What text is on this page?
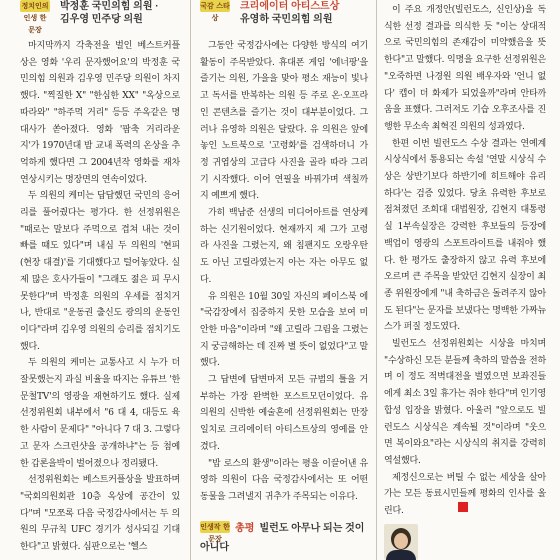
정치인의 인생 한 문장
박정훈 국민의힘 의원 ·
김우영 민주당 의원

마지막까지 각축전을 벌인 베스트커플상은 영화 '우리 문자했어요'의 박정훈 국민의힘 의원과 김우영 민주당 의원이 차지했다. "찍질한 X" "한심한 XX" "옥상으로 따라와" "하주먹 거리" 등등 주옥같은 명대사가 쏟아졌다. 영화 '팝축 거리라운지'가 1970년대 밤 교내 폭력의 온상을 추억하게 했다면 그 2004년작 영화를 재차 연상시키는 명장면의 연속이었다.

두 의원의 케미는 답답했던 국민의 응어리를 풀어줬다는 평가다. 한 선정위원은 "때로는 말보다 주먹으로 겹쳐 내는 것이 빠를 때도 있다"며 내심 두 의원의 '현피(현장 대결)'를 기대했다고 털어놓았다. 실제 많은 호사가들이 "그래도 젊은 피 무시 못한다"며 박정훈 의원의 우세를 점치거나, 반대로 "운동권 출신도 광의의 운동인이다"라며 김우영 의원의 승리를 점치기도 했다.

두 의원의 케미는 교통사고 시 누가 더 잘못했는지 과실 비율을 따지는 유튜브 '한문철TV'의 영광을 재현하기도 했다. 실제 선정위원회 내부에서 "6 대 4, 대등도 육한 사람이 문제다" "아니다 7 대 3. 그렇다고 문자 스크린샷을 공개하냐"는 등 첨예한 갑론을박이 벌어졌으나 정리됐다.

선정위원회는 베스트커플상을 발표하며 "국회의원회관 10층 옥상에 공간이 있다"며 "모쪼록 다음 국정감사에서는 두 의원의 무규칙 UFC 경기가 성사되길 기대한다"고 밝혔다. 심판으로는 '헬스

국감 스타상
크리에이터 아티스트상
유영하 국민의힘 의원

그동안 국정감사에는 다양한 방식의 여기활동이 주목받았다. 휴대폰 게임 '에너팡'을 즐기는 의원, 가을을 맞아 평소 재능이 빛나고 독서를 반복하는 의원 등 주로 온·오프라인 콘텐츠를 즐기는 것이 대부분이었다. 그러나 유영하 의원은 달랐다. 유 의원은 앞에 놓인 노트북으로 '고령화'를 검색하더니 가정 귀엽상의 고급다 사진을 골라 따라 그리기 시작했다. 이어 연필을 바꿔가며 색칠까지 예쁘게 했다.

가히 백남준 선생의 미디어아트를 연상케 하는 신기원이었다. 현재까지 제 그가 고령라 사진을 그렸는지, 왜 침팬지도 오랑우탄도 아닌 고릴라였는지 아는 자는 아무도 없다.

유 의원은 10월 30일 자신의 페이스북 에 "국감장에서 집중하지 못한 모습을 보여 미안한 마음"이라며 "왜 고릴라 그림을 그렸는지 궁금해하는 데 진짜 별 뜻이 없었다"고 말했다.

그 답변에 답변마저 모든 규범의 틀을 거부하는 가장 완벽한 포스트모던이었다. 유 의원의 신박한 예술혼에 선정위원회는 만장일치로 크리에이터 아티스트상의 영예를 안겼다.

"밥 로스의 환생"이라는 평을 이끌어낸 유영하 의원이 다음 국정감사에서는 또 어떤 동물을 그려낼지 귀추가 주목되는 이유다.

인생작 한 문장 총평 빌런도 아무나 되는 것이 아니다

이 주요 개정안(빌런도스, 신인상)을 독식한 선정 결과를 의식한 듯 "이는 상대적으로 국민의힘의 존재감이 미약했음을 뜻한다"고 말했다. 익명을 요구한 선정위원은 "오죽하면 나경원 의원 배우자와 '언니 없다' 캡이 더 화제가 되었을까"라며 안타까움을 표했다. 그러저도 기습 오후조사를 진행한 무소속 최혁진 의원의 성과였다.

한편 이번 빌런도스 수상 결과는 연예계 시상식에서 통용되는 속설 '연말 시상식 수상은 상반기보다 하반기에 히트해야 유리하다'는 검증 있었다. 당초 유력한 후보로 점쳐졌던 조희대 대법원장, 김현지 대통령실 1부속실장은 강력한 후보들의 등장에 백업이 영광의 스포트라이트를 내줘야 했다. 한 평가도 출장하지 않고 유력 후보에 오르며 큰 주목을 받았던 김현지 실장이 최종 위원장에게 "내 축하금은 돌려주지 않아도 된다"는 문자를 보냈다는 명백한 가짜뉴스가 퍼질 정도였다.

빌런도스 선정위원회는 시상을 마치며 "수상하신 모든 분들께 축하의 말씀을 전하며 이 정도 적벽대전을 벌였으면 보좌진들에게 최소 3일 휴가는 줘야 한다"며 인기영합성 입장을 밝혔다. 아울러 "앞으로도 빌런도스 시상식은 계속될 것"이라며 "웃으면 복이와요"라는 시상식의 취지를 강력히 역설했다.

제정신으로는 버틸 수 없는 세상을 살아가는 모든 동료시민들께 평화의 인사를 올린다.
